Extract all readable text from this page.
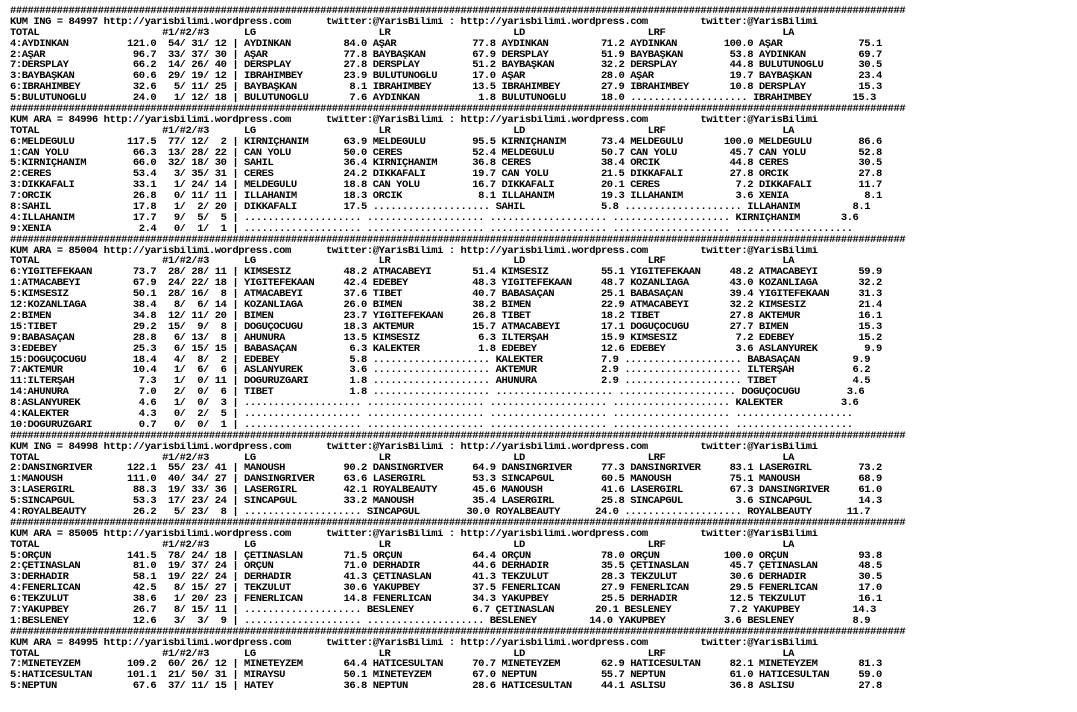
#########################################################################################################################################################
KUM ING = 84997 http://yarisbilimi.wordpress.com      twitter:@YarisBilimi : http://yarisbilimi.wordpress.com         twitter:@YarisBilimi
TOTAL                     #1/#2/#3      LG                     LR                     LD                     LRF                    LA
4:AYDINKAN          121.0  54/ 31/ 12 | AYDINKAN         84.0 AŞAR             77.8 AYDINKAN         71.2 AYDINKAN        100.0 AŞAR             75.1
2:AŞAR               96.7  33/ 37/ 30 | AŞAR             77.8 BAYBAŞKAN        67.9 DERSPLAY         51.9 BAYBAŞKAN        53.8 AYDINKAN         69.7
7:DERSPLAY           66.2  14/ 26/ 40 | DERSPLAY         27.8 DERSPLAY         51.2 BAYBAŞKAN        32.2 DERSPLAY         44.8 BULUTUNOĞLU      30.5
3:BAYBAŞKAN          60.6  29/ 19/ 12 | İBRAHİMBEY       23.9 BULUTUNOĞLU      17.0 AŞAR             28.0 AŞAR             19.7 BAYBAŞKAN        23.4
6:İBRAHİMBEY         32.6   5/ 11/ 25 | BAYBAŞKAN         8.1 İBRAHİMBEY       13.5 İBRAHİMBEY       27.9 İBRAHİMBEY       10.8 DERSPLAY         15.3
5:BULUTUNOĞLU        24.0   1/ 12/ 18 | BULUTUNOĞLU       7.6 AYDINKAN          1.8 BULUTUNOĞLU      18.0 .................... İBRAHİMBEY       15.3
#########################################################################################################################################################
KUM ARA = 84996 http://yarisbilimi.wordpress.com      twitter:@YarisBilimi : http://yarisbilimi.wordpress.com         twitter:@YarisBilimi
TOTAL                     #1/#2/#3      LG                     LR                     LD                     LRF                    LA
6:MELDEGÜLÜ         117.5  77/ 12/  2 | KIRNIÇHANIM      63.9 MELDEGÜLÜ        95.5 KIRNIÇHANIM      73.4 MELDEGÜLÜ       100.0 MELDEGÜLÜ        86.6
1:CAN YOLU           66.3  13/ 28/ 22 | CAN YOLU         50.0 CERES            52.4 MELDEGÜLÜ        50.7 CAN YOLU         45.7 CAN YOLU         52.8
5:KIRNIÇHANIM        66.0  32/ 18/ 30 | SAHİL            36.4 KIRNIÇHANIM      36.8 CERES            38.4 ORCİK            44.8 CERES            30.5
2:CERES              53.4   3/ 35/ 31 | CERES            24.2 DİKKAFALI        19.7 CAN YOLU         21.5 DİKKAFALI        27.8 ORCİK            27.8
3:DİKKAFALI          33.1   1/ 24/ 14 | MELDEGÜLÜ        18.8 CAN YOLU         16.7 DİKKAFALI        20.1 CERES             7.2 DİKKAFALI        11.7
7:ORCİK              26.8   0/ 11/ 11 | İLLAHANIM        18.3 ORCİK             8.1 İLLAHANIM        19.3 İLLAHANIM         3.6 XENIA             8.1
8:SAHİL              17.8   1/  2/ 20 | DİKKAFALI        17.5 .................... SAHİL             5.8 .................... İLLAHANIM         8.1
4:İLLAHANIM          17.7   9/  5/  5 | .................... .................... .................... .................... KIRNIÇHANIM       3.6
9:XENIA               2.4   0/  1/  1 | .................... .................... .................... .................... ....................
#########################################################################################################################################################
KUM ARA = 85004 http://yarisbilimi.wordpress.com      twitter:@YarisBilimi : http://yarisbilimi.wordpress.com         twitter:@YarisBilimi
TOTAL                     #1/#2/#3      LG                     LR                     LD                     LRF                    LA
6:YİĞİTEFEKAAN       73.7  28/ 28/ 11 | KİMSESİZ         48.2 ATMACABEYİ       51.4 KİMSESİZ         55.1 YİĞİTEFEKAAN     48.2 ATMACABEYİ       59.9
1:ATMACABEYİ         67.9  24/ 22/ 18 | YİĞİTEFEKAAN     42.4 EDEBEY           48.3 YİĞİTEFEKAAN     48.7 KOZANLIAĞA       43.0 KOZANLIAĞA       32.2
5:KİMSESİZ           50.1  28/ 16/  8 | ATMACABEYİ       37.6 TİBET            40.7 BABASAÇAN        25.1 BABASAÇAN        39.4 YİĞİTEFEKAAN     31.3
12:KOZANLIAĞA        38.4   8/  6/ 14 | KOZANLIAĞA       26.0 BİMEN            38.2 BİMEN            22.9 ATMACABEYİ       32.2 KİMSESİZ         21.4
2:BİMEN              34.8  12/ 11/ 20 | BİMEN            23.7 YİĞİTEFEKAAN     26.8 TİBET            18.2 TİBET            27.8 AKTEMUR          16.1
15:TİBET             29.2  15/  9/  8 | DOĞUÇOCUĞU       18.3 AKTEMUR          15.7 ATMACABEYİ       17.1 DOĞUÇOCUĞU       27.7 BİMEN            15.3
9:BABASAÇAN          28.8   6/ 13/  8 | AHUNURA          13.5 KİMSESİZ          6.3 İLTERŞAH         15.9 KİMSESİZ          7.2 EDEBEY           15.2
3:EDEBEY             25.3   6/ 15/ 15 | BABASAÇAN         6.3 KALEKTER          1.8 EDEBEY           12.6 EDEBEY            3.6 ASLANYÜREK        9.9
15:DOĞUÇOCUĞU        18.4   4/  8/  2 | EDEBEY            5.8 .................... KALEKTER          7.9 .................... BABASAÇAN         9.9
7:AKTEMUR            10.4   1/  6/  6 | ASLANYÜREK        3.6 .................... AKTEMUR           2.9 .................... İLTERŞAH          6.2
11:İLTERŞAH           7.3   1/  0/ 11 | DOĞURÜZGARI       1.8 .................... AHUNURA           2.9 .................... TİBET             4.5
14:AHUNURA            7.0   2/  0/  6 | TİBET             1.8 .................... .................... .................... DOĞUÇOCUĞU        3.6
8:ASLANYÜREK          4.6   1/  0/  3 | .................... .................... .................... .................... KALEKTER          3.6
4:KALEKTER            4.3   0/  2/  5 | .................... .................... .................... .................... ....................
10:DOĞURÜZGARI        0.7   0/  0/  1 | .................... .................... .................... .................... ....................
#########################################################################################################################################################
KUM ING = 84998 http://yarisbilimi.wordpress.com      twitter:@YarisBilimi : http://yarisbilimi.wordpress.com         twitter:@YarisBilimi
TOTAL                     #1/#2/#3      LG                     LR                     LD                     LRF                    LA
2:DANSINGRIVER      122.1  55/ 23/ 41 | MANOUSH          90.2 DANSINGRIVER     64.9 DANSINGRIVER     77.3 DANSINGRIVER     83.1 LASERGIRL        73.2
1:MANOUSH           111.0  40/ 34/ 27 | DANSINGRIVER     63.6 LASERGIRL        53.3 SİNCAPGÜL        60.5 MANOUSH          75.1 MANOUSH          68.9
3:LASERGIRL          88.3  19/ 33/ 36 | LASERGIRL        42.1 ROYALBEAUTY      45.6 MANOUSH          41.6 LASERGIRL        67.3 DANSINGRIVER     61.0
5:SİNCAPGÜL          53.3  17/ 23/ 24 | SİNCAPGÜL        33.2 MANOUSH          35.4 LASERGIRL        25.8 SİNCAPGÜL         3.6 SİNCAPGÜL        14.3
4:ROYALBEAUTY        26.2   5/ 23/  8 | .................... SİNCAPGÜL        30.0 ROYALBEAUTY      24.0 .................... ROYALBEAUTY      11.7
#########################################################################################################################################################
KUM ARA = 85005 http://yarisbilimi.wordpress.com      twitter:@YarisBilimi : http://yarisbilimi.wordpress.com         twitter:@YarisBilimi
TOTAL                     #1/#2/#3      LG                     LR                     LD                     LRF                    LA
5:ORÇUN             141.5  78/ 24/ 18 | ÇETİNASLAN       71.5 ORÇUN            64.4 ORÇUN            78.0 ORÇUN           100.0 ORÇUN            93.8
2:ÇETİNASLAN         81.0  19/ 37/ 24 | ORÇUN            71.0 DERHADIR         44.6 DERHADIR         35.5 ÇETİNASLAN       45.7 ÇETİNASLAN       48.5
3:DERHADIR           58.1  19/ 22/ 24 | DERHADIR         41.3 ÇETİNASLAN       41.3 TEKZULUT         28.3 TEKZULUT         30.6 DERHADIR         30.5
4:FENERLİCAN         42.5   8/ 15/ 27 | TEKZULUT         30.6 YAKUPBEY         37.5 FENERLİCAN       27.9 FENERLİCAN       29.5 FENERLİCAN       17.0
6:TEKZULUT           38.6   1/ 20/ 23 | FENERLİCAN       14.8 FENERLİCAN       34.3 YAKUPBEY         25.5 DERHADIR         12.5 TEKZULUT         16.1
7:YAKUPBEY           26.7   8/ 15/ 11 | .................... BESLENEY          6.7 ÇETİNASLAN       20.1 BESLENEY          7.2 YAKUPBEY         14.3
1:BESLENEY           12.6   3/  3/  9 | .................... .................... BESLENEY         14.0 YAKUPBEY          3.6 BESLENEY          8.9
#########################################################################################################################################################
KUM ARA = 84995 http://yarisbilimi.wordpress.com      twitter:@YarisBilimi : http://yarisbilimi.wordpress.com         twitter:@YarisBilimi
TOTAL                     #1/#2/#3      LG                     LR                     LD                     LRF                    LA
7:MİNETEYZEM        109.2  60/ 26/ 12 | MİNETEYZEM       64.4 HATİCESULTAN     70.7 MİNETEYZEM       62.9 HATİCESULTAN     82.1 MİNETEYZEM       81.3
5:HATİCESULTAN      101.1  21/ 50/ 31 | MİRAYSU          50.1 MİNETEYZEM       67.0 NEPTÜN           55.7 NEPTÜN           61.0 HATİCESULTAN     59.0
5:NEPTÜN             67.6  37/ 11/ 15 | HATEY            36.8 NEPTÜN           28.6 HATİCESULTAN     44.1 ASLISU           36.8 ASLISU           27.8
